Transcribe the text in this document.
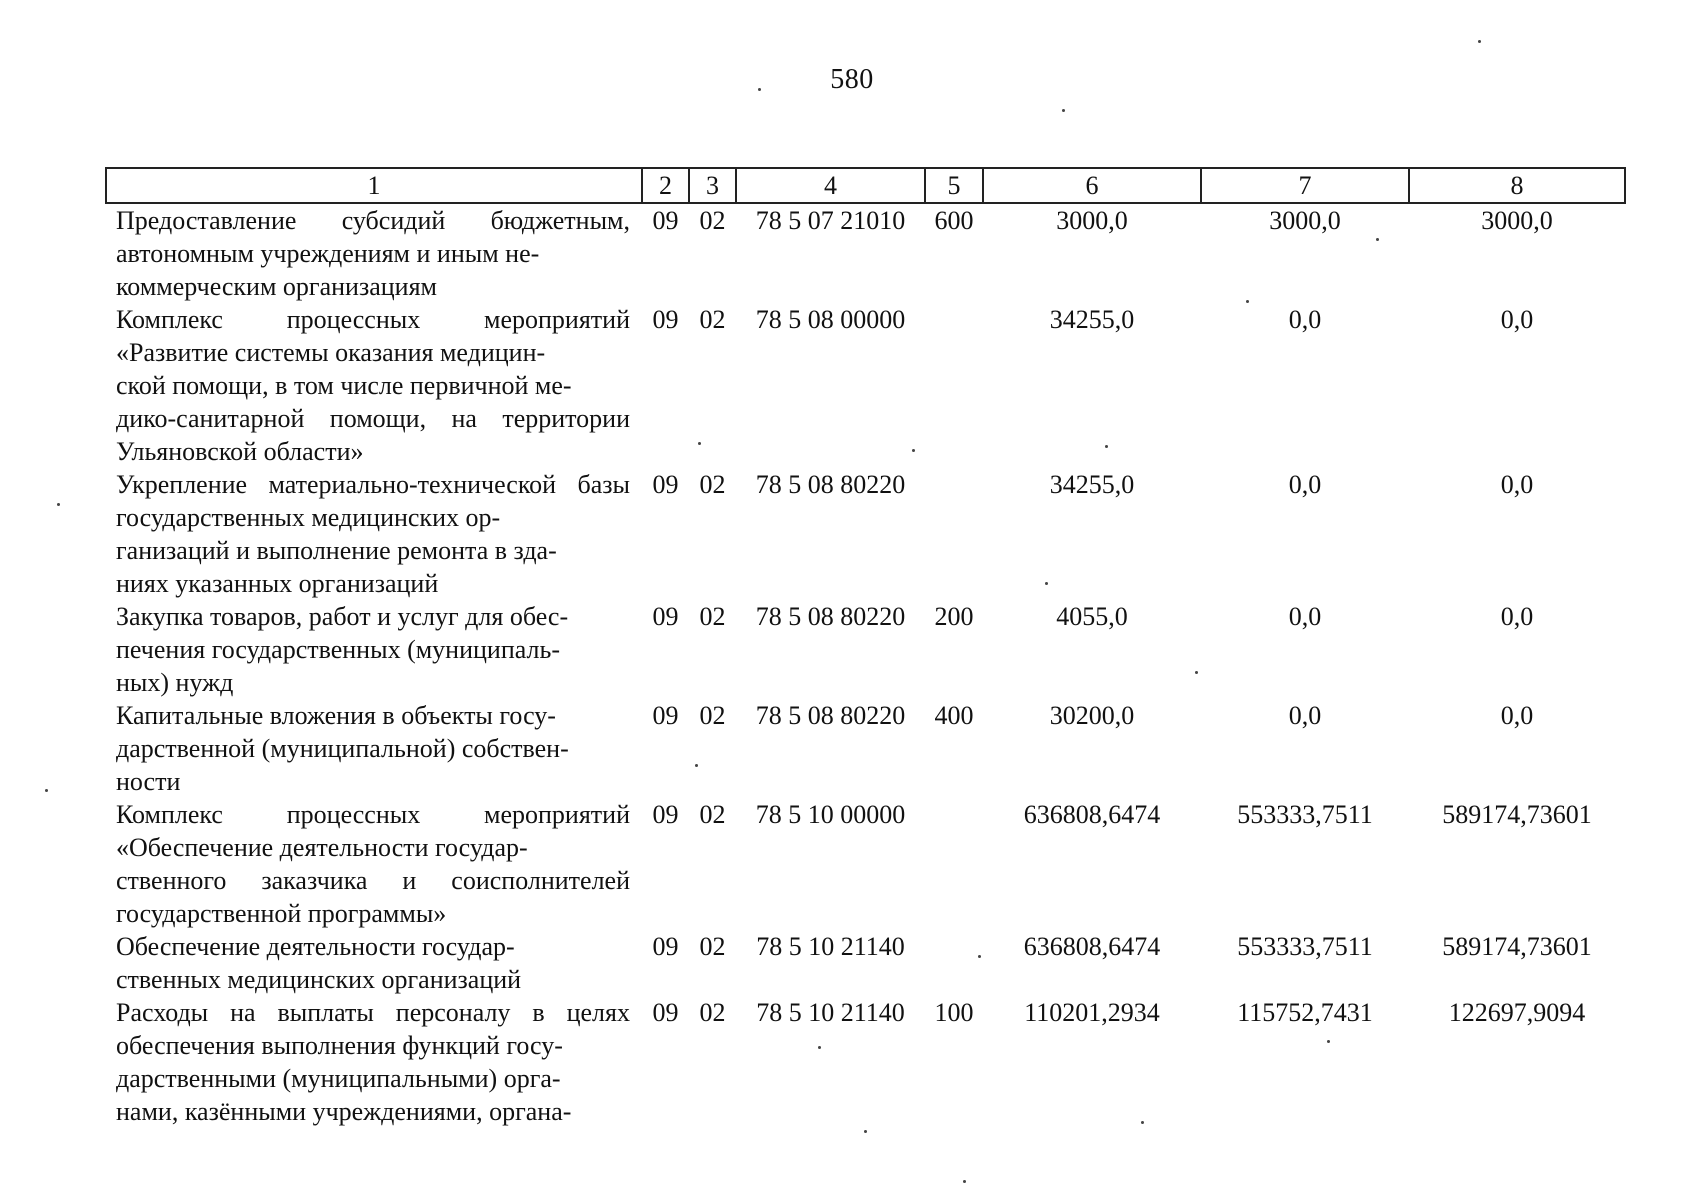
580
1	2	3	4	5	6	7	8
Предоставление субсидий бюджетным, автономным учреждениям и иным не-
коммерческим организациям	09	02	78 5 07 21010	600	3000,0	3000,0	3000,0
Комплекс процессных мероприятий «Развитие системы оказания медицин-
ской помощи, в том числе первичной ме-
дико-санитарной помощи, на территории Ульяновской области»	09	02	78 5 08 00000		34255,0	0,0	0,0
Укрепление материально-технической базы государственных медицинских ор-
ганизаций и выполнение ремонта в зда-
ниях указанных организаций	09	02	78 5 08 80220		34255,0	0,0	0,0
Закупка товаров, работ и услуг для обес-
печения государственных (муниципаль-
ных) нужд	09	02	78 5 08 80220	200	4055,0	0,0	0,0
Капитальные вложения в объекты госу-
дарственной (муниципальной) собствен-
ности	09	02	78 5 08 80220	400	30200,0	0,0	0,0
Комплекс процессных мероприятий «Обеспечение деятельности государ-
ственного заказчика и соисполнителей государственной программы»	09	02	78 5 10 00000		636808,6474	553333,7511	589174,73601
Обеспечение деятельности государ-
ственных медицинских организаций	09	02	78 5 10 21140		636808,6474	553333,7511	589174,73601
Расходы на выплаты персоналу в целях обеспечения выполнения функций госу-
дарственными (муниципальными) орга-
нами, казёнными учреждениями, органа-	09	02	78 5 10 21140	100	110201,2934	115752,7431	122697,9094
